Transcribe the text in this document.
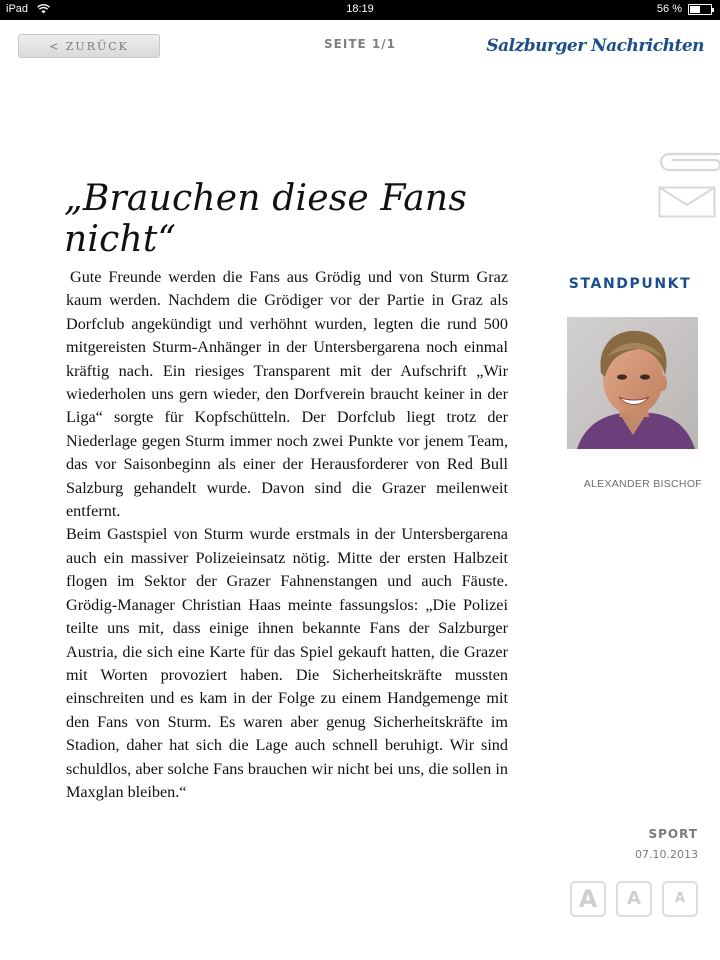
iPad	18:19	56 %
< ZURÜCK	SEITE 1/1	Salzburger Nachrichten
„Brauchen diese Fans nicht“

Gute Freunde werden die Fans aus Grödig und von Sturm Graz kaum werden. Nachdem die Grödiger vor der Partie in Graz als Dorfclub angekündigt und verhöhnt wurden, legten die rund 500 mitgereisten Sturm-Anhänger in der Untersbergarena noch einmal kräftig nach. Ein riesiges Transparent mit der Aufschrift „Wir wiederholen uns gern wieder, den Dorfverein braucht keiner in der Liga“ sorgte für Kopfschütteln. Der Dorfclub liegt trotz der Niederlage gegen Sturm immer noch zwei Punkte vor jenem Team, das vor Saisonbeginn als einer der Herausforderer von Red Bull Salzburg gehandelt wurde. Davon sind die Grazer meilenweit entfernt.

Beim Gastspiel von Sturm wurde erstmals in der Untersbergarena auch ein massiver Polizeieinsatz nötig. Mitte der ersten Halbzeit flogen im Sektor der Grazer Fahnenstangen und auch Fäuste. Grödig-Manager Christian Haas meinte fassungslos: „Die Polizei teilte uns mit, dass einige ihnen bekannte Fans der Salzburger Austria, die sich eine Karte für das Spiel gekauft hatten, die Grazer mit Worten provoziert haben. Die Sicherheitskräfte mussten einschreiten und es kam in der Folge zu einem Handgemenge mit den Fans von Sturm. Es waren aber genug Sicherheitskräfte im Stadion, daher hat sich die Lage auch schnell beruhigt. Wir sind schuldlos, aber solche Fans brauchen wir nicht bei uns, die sollen in Maxglan bleiben.“

STANDPUNKT
ALEXANDER BISCHOF
SPORT
07.10.2013
A	A	A
